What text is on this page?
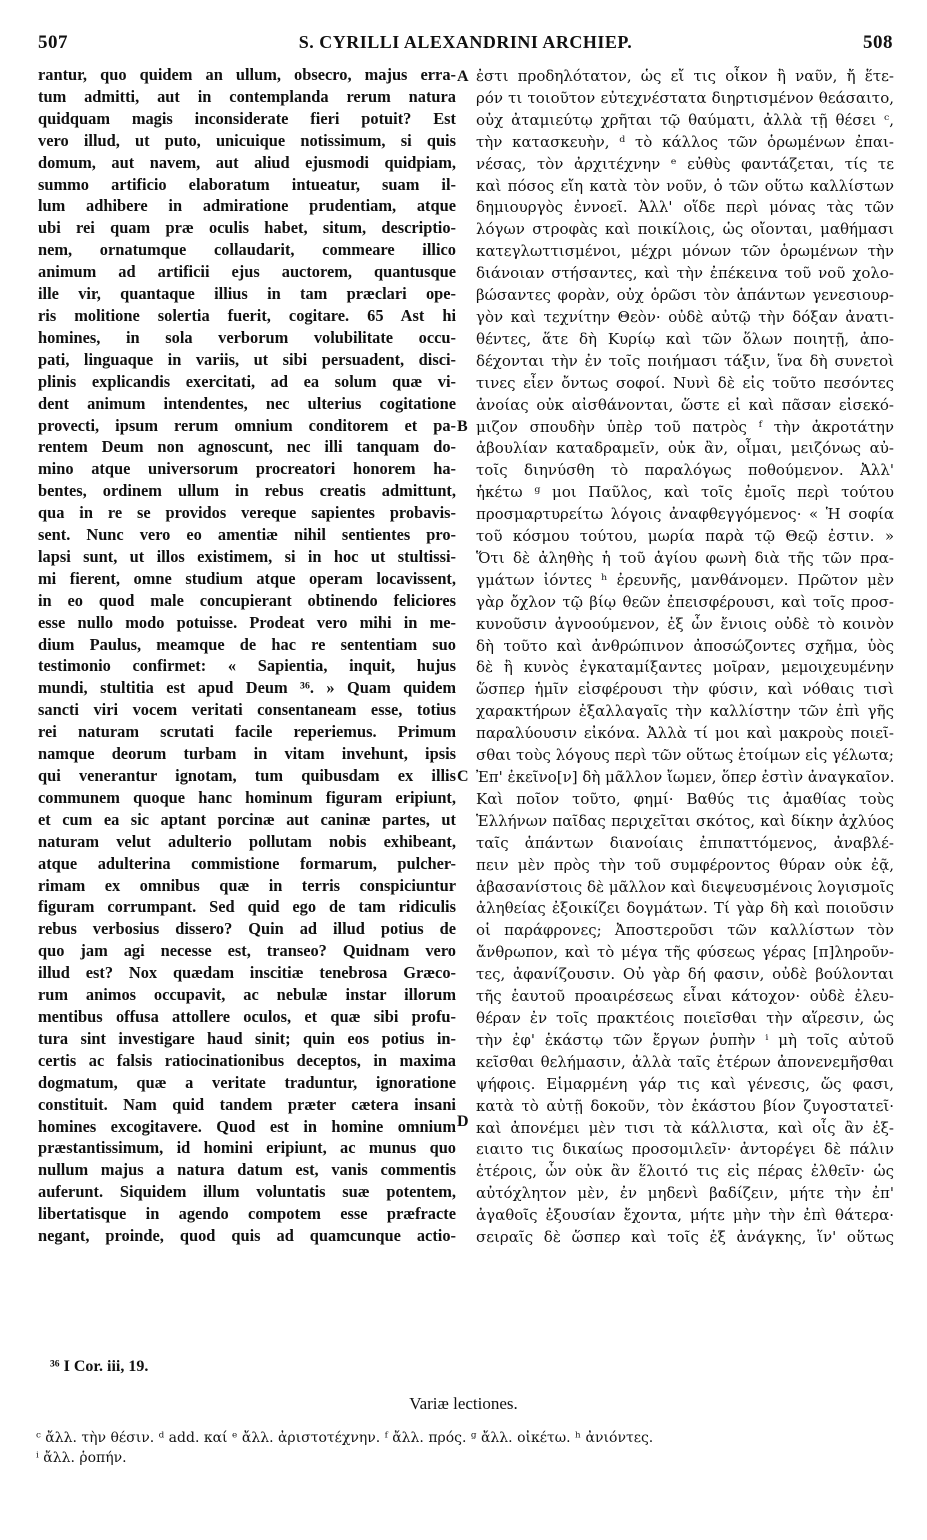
507	S. CYRILLI ALEXANDRINI ARCHIEP.	508
rantur, quo quidem an ullum, obsecro, majus erra-
tum admitti, aut in contemplanda rerum natura
quidquam magis inconsiderate fieri potuit? Est
vero illud, ut puto, unicuique notissimum, si quis
domum, aut navem, aut aliud ejusmodi quidpiam,
summo artificio elaboratum intueatur, suam il-
lum adhibere in admiratione prudentiam, atque
ubi rei quam præ oculis habet, situm, descriptio-
nem, ornatumque collaudarit, commeare illico
animum ad artificii ejus auctorem, quantusque
ille vir, quantaque illius in tam præclari ope-
ris molitione solertia fuerit, cogitare. 65 Ast hi
homines, in sola verborum volubilitate occu-
pati, linguaque in variis, ut sibi persuadent, disci-
plinis explicandis exercitati, ad ea solum quæ vi-
dent animum intendentes, nec ulterius cogitatione
provecti, ipsum rerum omnium conditorem et pa-
rentem Deum non agnoscunt, nec illi tanquam do-
mino atque universorum procreatori honorem ha-
bentes, ordinem ullum in rebus creatis admittunt,
qua in re se providos vereque sapientes probavis-
sent. Nunc vero eo amentiæ nihil sentientes pro-
lapsi sunt, ut illos existimem, si in hoc ut stultissi-
mi fierent, omne studium atque operam locavissent,
in eo quod male concupierant obtinendo feliciores
esse nullo modo potuisse. Prodeat vero mihi in me-
dium Paulus, meamque de hac re sententiam suo
testimonio confirmet: « Sapientia, inquit, hujus
mundi, stultitia est apud Deum ³⁶. » Quam quidem
sancti viri vocem veritati consentaneam esse, totius
rei naturam scrutati facile reperiemus. Primum
namque deorum turbam in vitam invehunt, ipsis
qui venerantur ignotam, tum quibusdam ex illis
communem quoque hanc hominum figuram eripiunt,
et cum ea sic aptant porcinæ aut caninæ partes, ut
naturam velut adulterio pollutam nobis exhibeant,
atque adulterina commistione formarum, pulcher-
rimam ex omnibus quæ in terris conspiciuntur
figuram corrumpant. Sed quid ego de tam ridiculis
rebus verbosius dissero? Quin ad illud potius de
quo jam agi necesse est, transeo? Quidnam vero
illud est? Nox quædam inscitiæ tenebrosa Græco-
rum animos occupavit, ac nebulæ instar illorum
mentibus offusa attollere oculos, et quæ sibi profu-
tura sint investigare haud sinit; quin eos potius in-
certis ac falsis ratiocinationibus deceptos, in maxima
dogmatum, quæ a veritate traduntur, ignoratione
constituit. Nam quid tandem præter cætera insani
homines excogitavere. Quod est in homine omnium
præstantissimum, id homini eripiunt, ac munus quo
nullum majus a natura datum est, vanis commentis
auferunt. Siquidem illum voluntatis suæ potentem,
libertatisque in agendo compotem esse præfracte
negant, proinde, quod quis ad quamcunque actio-
ἐστι προδηλότατον, ὡς εἴ τις οἶκον ἢ ναῦν, ἤ ἕτε-
ρόν τι τοιοῦτον εὐτεχνέστατα διηρτισμένον θεάσαιτο,
οὐχ ἀταμιεύτῳ χρῆται τῷ θαύματι, ἀλλὰ τῇ θέσει ᶜ,
τὴν κατασκευὴν, ᵈ τὸ κάλλος τῶν ὁρωμένων ἐπαι-
νέσας, τὸν ἀρχιτέχνην ᵉ εὐθὺς φαντάζεται, τίς τε
καὶ πόσος εἴη κατὰ τὸν νοῦν, ὁ τῶν οὕτω καλλίστων
δημιουργὸς ἐννοεῖ. Ἀλλ' οἵδε περὶ μόνας τὰς τῶν
λόγων στροφὰς καὶ ποικίλοις, ὡς οἴονται, μαθήμασι
κατεγλωττισμένοι, μέχρι μόνων τῶν ὁρωμένων τὴν
διάνοιαν στήσαντες, καὶ τὴν ἐπέκεινα τοῦ νοῦ χολο-
βώσαντες φορὰν, οὐχ ὁρῶσι τὸν ἁπάντων γενεσιουρ-
γὸν καὶ τεχνίτην Θεὸν· οὐδὲ αὐτῷ τὴν δόξαν ἀνατι-
θέντες, ἅτε δὴ Κυρίῳ καὶ τῶν ὅλων ποιητῇ, ἀπο-
δέχονται τὴν ἐν τοῖς ποιήμασι τάξιν, ἵνα δὴ συνετοὶ
τινες εἶεν ὄντως σοφοί. Νυνὶ δὲ εἰς τοῦτο πεσόντες
ἀνοίας οὐκ αἰσθάνονται, ὥστε εἰ καὶ πᾶσαν εἰσεκό-
μιζον σπουδὴν ὑπὲρ τοῦ πατρὸς ᶠ τὴν ἀκροτάτην
ἀβουλίαν καταδραμεῖν, οὐκ ἂν, οἶμαι, μειζόνως αὐ-
τοῖς διηνύσθη τὸ παραλόγως ποθούμενον. Ἀλλ'
ἡκέτω ᵍ μοι Παῦλος, καὶ τοῖς ἐμοῖς περὶ τούτου
προσμαρτυρείτω λόγοις ἀναφθεγγόμενος· « Ἡ σοφία
τοῦ κόσμου τούτου, μωρία παρὰ τῷ Θεῷ ἐστιν. »
Ὅτι δὲ ἀληθὴς ἡ τοῦ ἁγίου φωνὴ διὰ τῆς τῶν πρα-
γμάτων ἰόντες ʰ ἐρευνῆς, μανθάνομεν. Πρῶτον μὲν
γὰρ ὄχλον τῷ βίῳ θεῶν ἐπεισφέρουσι, καὶ τοῖς προσ-
κυνοῦσιν ἀγνοούμενον, ἐξ ὧν ἔνιοις οὐδὲ τὸ κοινὸν
δὴ τοῦτο καὶ ἀνθρώπινον ἀποσώζοντες σχῆμα, ὑὸς
δὲ ἢ κυνὸς ἐγκαταμίξαντες μοῖραν, μεμοιχευμένην
ὥσπερ ἡμῖν εἰσφέρουσι τὴν φύσιν, καὶ νόθαις τισὶ
χαρακτήρων ἐξαλλαγαῖς τὴν καλλίστην τῶν ἐπὶ γῆς
παραλύουσιν εἰκόνα. Ἀλλὰ τί μοι καὶ μακροὺς ποιεῖ-
σθαι τοὺς λόγους περὶ τῶν οὕτως ἑτοίμων εἰς γέλωτα;
Ἐπ' ἐκεῖνο[ν] δὴ μᾶλλον ἴωμεν, ὅπερ ἐστὶν ἀναγκαῖον.
Καὶ ποῖον τοῦτο, φημί· Βαθύς τις ἀμαθίας τοὺς
Ἑλλήνων παῖδας περιχεῖται σκότος, καὶ δίκην ἀχλύος
ταῖς ἁπάντων διανοίαις ἐπιπαττόμενος, ἀναβλέ-
πειν μὲν πρὸς τὴν τοῦ συμφέροντος θύραν οὐκ ἐᾷ,
ἀβασανίστοις δὲ μᾶλλον καὶ διεψευσμένοις λογισμοῖς
ἀληθείας ἐξοικίζει δογμάτων. Τί γὰρ δὴ καὶ ποιοῦσιν
οἱ παράφρονες; Ἀποστεροῦσι τῶν καλλίστων τὸν
ἄνθρωπον, καὶ τὸ μέγα τῆς φύσεως γέρας [π]ληροῦν-
τες, ἀφανίζουσιν. Οὐ γὰρ δή φασιν, οὐδὲ βούλονται
τῆς ἑαυτοῦ προαιρέσεως εἶναι κάτοχον· οὐδὲ ἐλευ-
θέραν ἐν τοῖς πρακτέοις ποιεῖσθαι τὴν αἵρεσιν, ὡς
τὴν ἐφ' ἑκάστῳ τῶν ἔργων ῥυπὴν ⁱ μὴ τοῖς αὐτοῦ
κεῖσθαι θελήμασιν, ἀλλὰ ταῖς ἑτέρων ἀπονενεμῆσθαι
ψήφοις. Εἱμαρμένη γάρ τις καὶ γένεσις, ὥς φασι,
κατὰ τὸ αὐτῇ δοκοῦν, τὸν ἑκάστου βίον ζυγοστατεῖ·
καὶ ἀπονέμει μὲν τισι τὰ κάλλιστα, καὶ οἷς ἂν ἐξ-
ειαιτο τις δικαίως προσομιλεῖν· ἀντορέγει δὲ πάλιν
ἑτέροις, ὧν οὐκ ἂν ἕλοιτό τις εἰς πέρας ἐλθεῖν· ὡς
αὐτόχλητον μὲν, ἐν μηδενὶ βαδίζειν, μήτε τὴν ἐπ'
ἀγαθοῖς ἐξουσίαν ἔχοντα, μήτε μὴν τὴν ἐπὶ θάτερα·
σειραῖς δὲ ὥσπερ καὶ τοῖς ἐξ ἀνάγκης, ἵν' οὕτως
A
B
C
D
³⁶ I Cor. iii, 19.
Variæ lectiones.
ᶜ ἄλλ. τὴν θέσιν. ᵈ add. καί ᵉ ἄλλ. ἀριστοτέχνην. ᶠ ἄλλ. πρός. ᵍ ἄλλ. οἰκέτω. ʰ ἀνιόντες.
ⁱ ἄλλ. ῥοπήν.
